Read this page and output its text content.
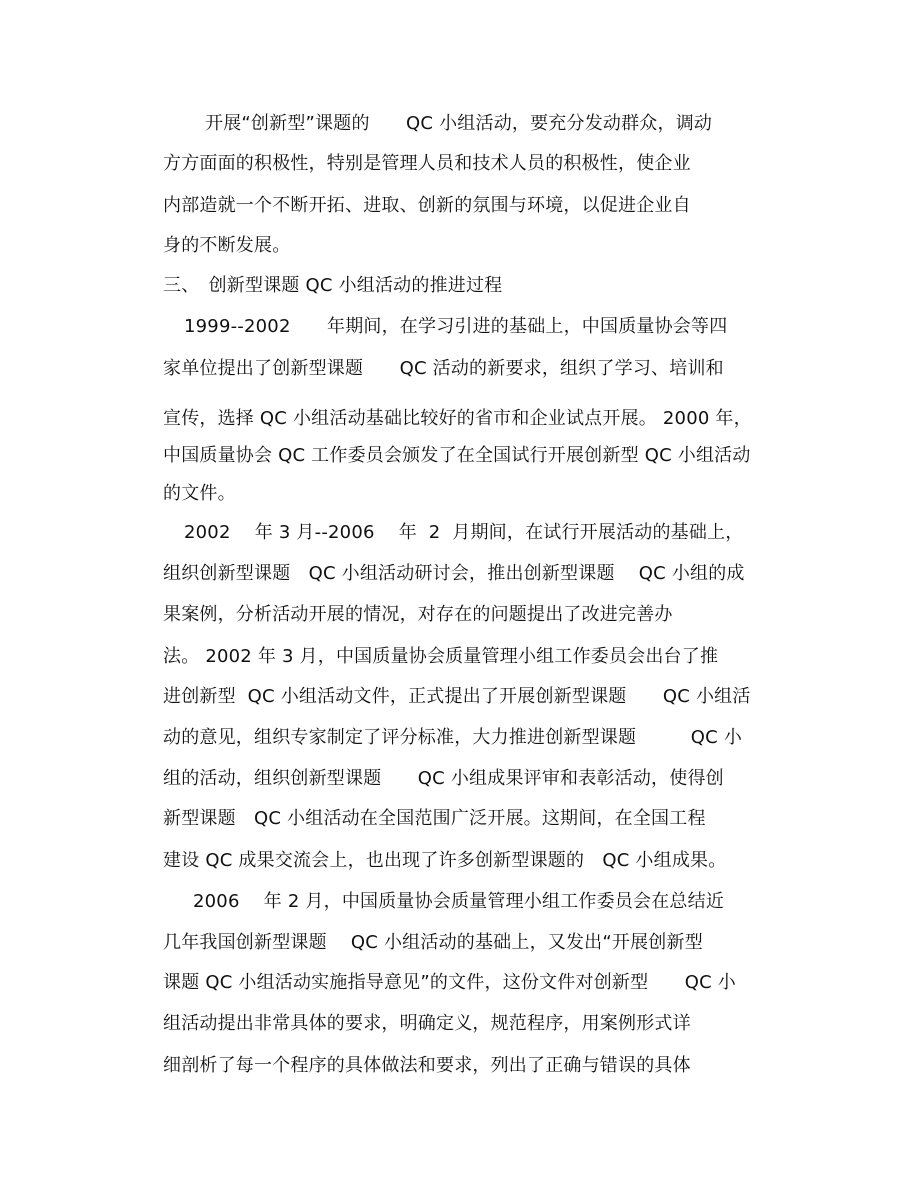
开展“创新型”课题的　　QC 小组活动，要充分发动群众，调动
方方面面的积极性，特别是管理人员和技术人员的积极性，使企业
内部造就一个不断开拓、进取、创新的氛围与环境，以促进企业自
身的不断发展。
三、　创新型课题 QC 小组活动的推进过程
1999--2002　　年期间，在学习引进的基础上，中国质量协会等四
家单位提出了创新型课题　　QC 活动的新要求，组织了学习、培训和
宣传，选择 QC 小组活动基础比较好的省市和企业试点开展。 2000 年，
中国质量协会 QC 工作委员会颁发了在全国试行开展创新型 QC 小组活动
的文件。
2002　 年 3 月--2006　 年  2  月期间，在试行开展活动的基础上，
组织创新型课题　QC 小组活动研讨会，推出创新型课题　 QC 小组的成
果案例，分析活动开展的情况，对存在的问题提出了改进完善办
法。 2002 年 3 月，中国质量协会质量管理小组工作委员会出台了推
进创新型  QC 小组活动文件，正式提出了开展创新型课题　　QC 小组活
动的意见，组织专家制定了评分标准，大力推进创新型课题　　　QC 小
组的活动，组织创新型课题　　QC 小组成果评审和表彰活动，使得创
新型课题　QC 小组活动在全国范围广泛开展。这期间，在全国工程
建设 QC 成果交流会上，也出现了许多创新型课题的　QC 小组成果。
2006　 年 2 月，中国质量协会质量管理小组工作委员会在总结近
几年我国创新型课题　 QC 小组活动的基础上，又发出“开展创新型
课题 QC 小组活动实施指导意见”的文件，这份文件对创新型　　QC 小
组活动提出非常具体的要求，明确定义，规范程序，用案例形式详
细剖析了每一个程序的具体做法和要求，列出了正确与错误的具体
